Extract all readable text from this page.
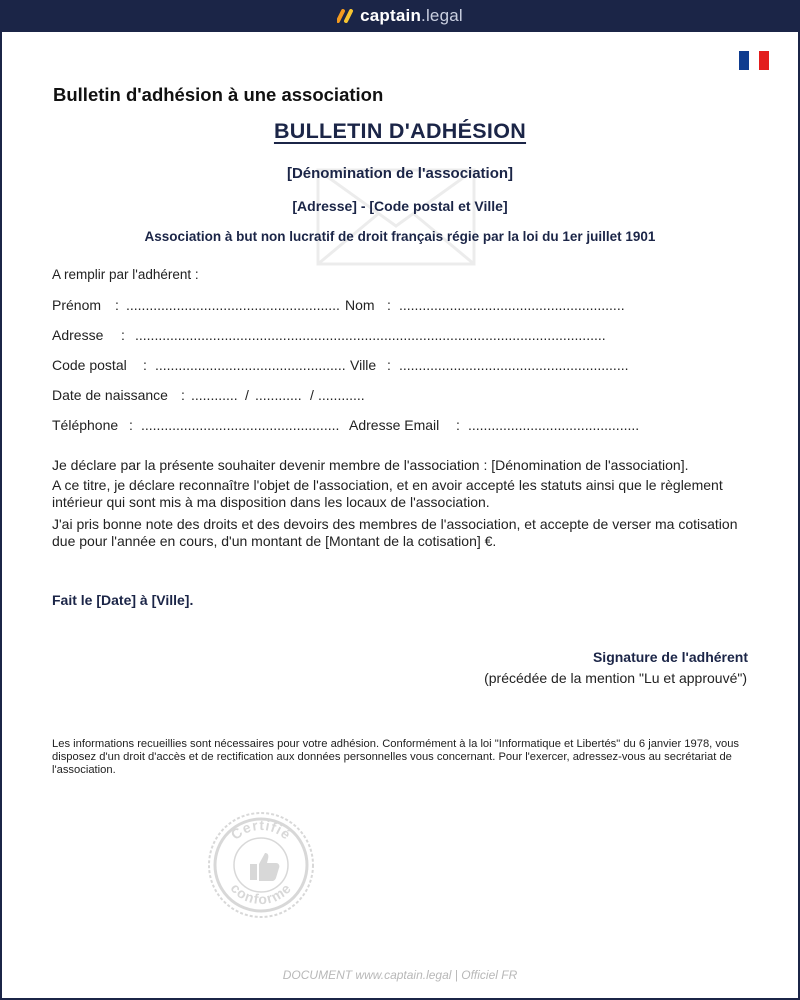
captain.legal
Bulletin d'adhésion à une association
BULLETIN D'ADHÉSION
[Dénomination de l'association]
[Adresse] - [Code postal et Ville]
Association à but non lucratif de droit français régie par la loi du 1er juillet 1901
A remplir par l'adhérent :
Prénom : ....................................................... Nom : ..........................................................
Adresse : .........................................................................................................................
Code postal : ................................................. Ville : ...........................................................
Date de naissance : ............ / ............ / ............
Téléphone : ................................................... Adresse Email : ............................................
Je déclare par la présente souhaiter devenir membre de l'association : [Dénomination de l'association].
A ce titre, je déclare reconnaître l'objet de l'association, et en avoir accepté les statuts ainsi que le règlement intérieur qui sont mis à ma disposition dans les locaux de l'association.
J'ai pris bonne note des droits et des devoirs des membres de l'association, et accepte de verser ma cotisation due pour l'année en cours, d'un montant de [Montant de la cotisation] €.
Fait le [Date] à [Ville].
Signature de l'adhérent
(précédée de la mention "Lu et approuvé")
Les informations recueillies sont nécessaires pour votre adhésion. Conformément à la loi "Informatique et Libertés" du 6 janvier 1978, vous disposez d'un droit d'accès et de rectification aux données personnelles vous concernant. Pour l'exercer, adressez-vous au secrétariat de l'association.
Certifié
conforme
DOCUMENT www.captain.legal | Officiel FR
